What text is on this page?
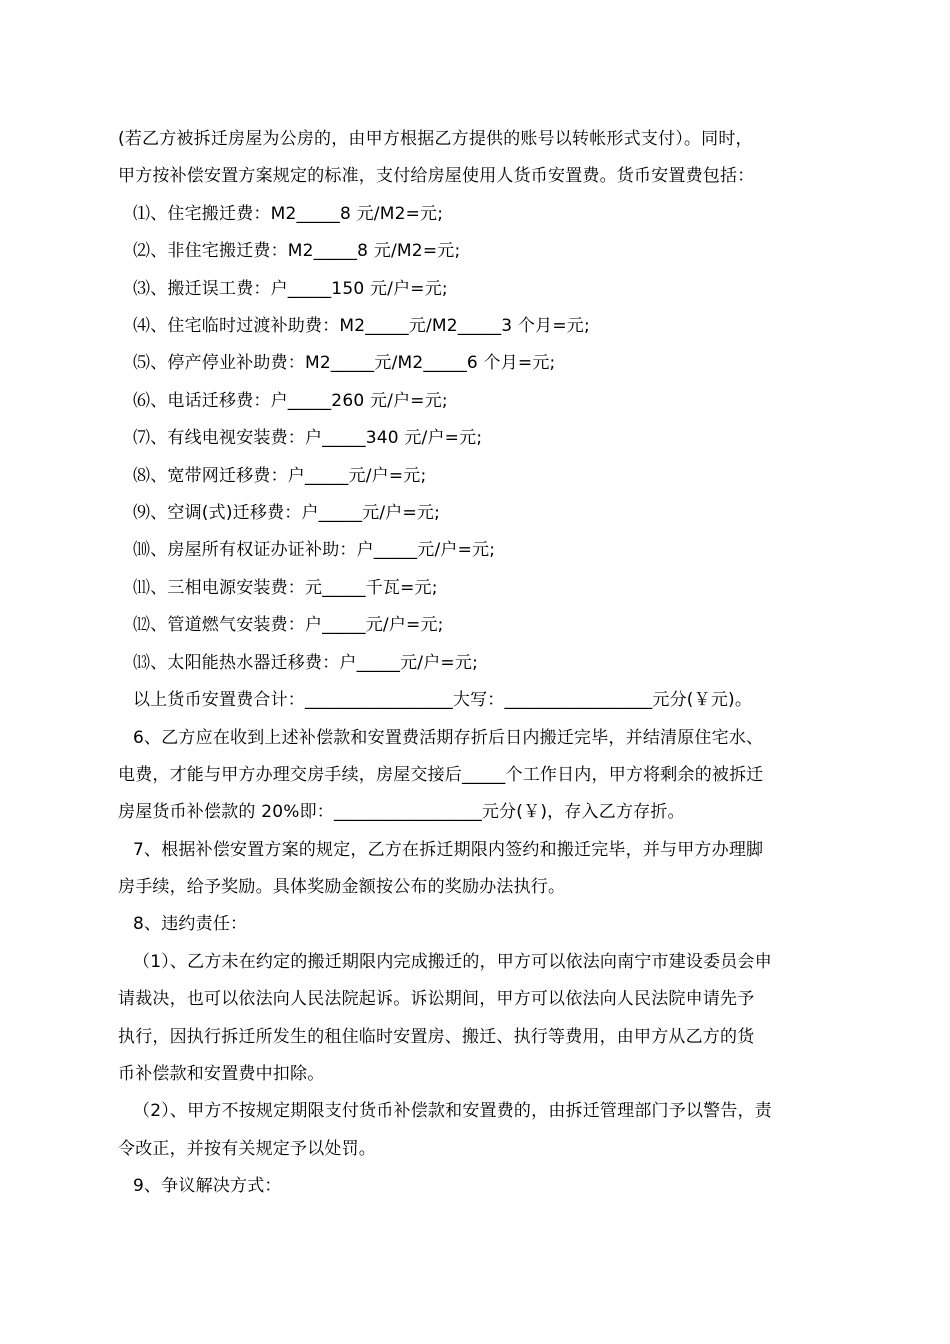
(若乙方被拆迁房屋为公房的，由甲方根据乙方提供的账号以转帐形式支付）。同时，
甲方按补偿安置方案规定的标准，支付给房屋使用人货币安置费。货币安置费包括：
⑴、住宅搬迁费：M2_____8 元/M2=元;
⑵、非住宅搬迁费：M2_____8 元/M2=元;
⑶、搬迁误工费：户_____150 元/户=元;
⑷、住宅临时过渡补助费：M2_____元/M2_____3 个月=元;
⑸、停产停业补助费：M2_____元/M2_____6 个月=元;
⑹、电话迁移费：户_____260 元/户=元;
⑺、有线电视安装费：户_____340 元/户=元;
⑻、宽带网迁移费：户_____元/户=元;
⑼、空调(式)迁移费：户_____元/户=元;
⑽、房屋所有权证办证补助：户_____元/户=元;
⑾、三相电源安装费：元_____千瓦=元;
⑿、管道燃气安装费：户_____元/户=元;
⒀、太阳能热水器迁移费：户_____元/户=元;
以上货币安置费合计：_________________大写：_________________元分(￥元)。
6、乙方应在收到上述补偿款和安置费活期存折后日内搬迁完毕，并结清原住宅水、
电费，才能与甲方办理交房手续，房屋交接后_____个工作日内，甲方将剩余的被拆迁
房屋货币补偿款的 20%即：_________________元分(￥)，存入乙方存折。
7、根据补偿安置方案的规定，乙方在拆迁期限内签约和搬迁完毕，并与甲方办理脚
房手续，给予奖励。具体奖励金额按公布的奖励办法执行。
8、违约责任：
（1）、乙方未在约定的搬迁期限内完成搬迁的，甲方可以依法向南宁市建设委员会申
请裁决，也可以依法向人民法院起诉。诉讼期间，甲方可以依法向人民法院申请先予
执行，因执行拆迁所发生的租住临时安置房、搬迁、执行等费用，由甲方从乙方的货
币补偿款和安置费中扣除。
（2）、甲方不按规定期限支付货币补偿款和安置费的，由拆迁管理部门予以警告，责
令改正，并按有关规定予以处罚。
9、争议解决方式：
